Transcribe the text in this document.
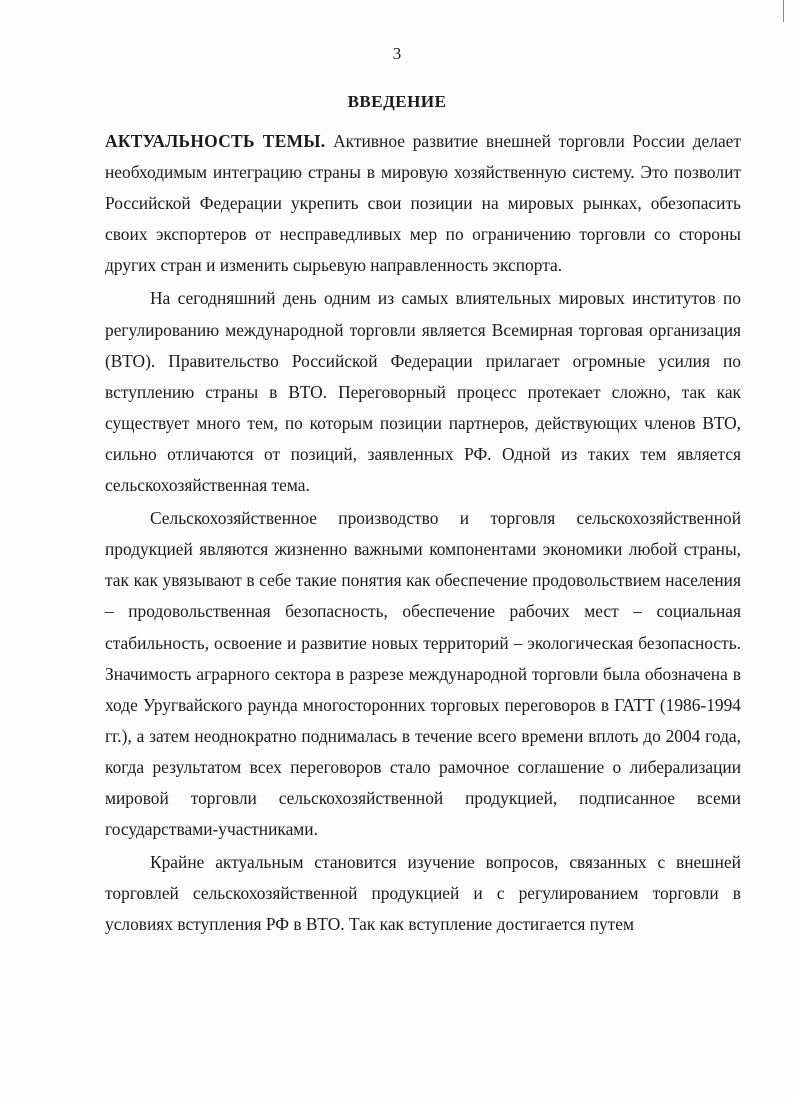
3
ВВЕДЕНИЕ

АКТУАЛЬНОСТЬ ТЕМЫ. Активное развитие внешней торговли России делает необходимым интеграцию страны в мировую хозяйственную систему. Это позволит Российской Федерации укрепить свои позиции на мировых рынках, обезопасить своих экспортеров от несправедливых мер по ограничению торговли со стороны других стран и изменить сырьевую направленность экспорта.

На сегодняшний день одним из самых влиятельных мировых институтов по регулированию международной торговли является Всемирная торговая организация (ВТО). Правительство Российской Федерации прилагает огромные усилия по вступлению страны в ВТО. Переговорный процесс протекает сложно, так как существует много тем, по которым позиции партнеров, действующих членов ВТО, сильно отличаются от позиций, заявленных РФ. Одной из таких тем является сельскохозяйственная тема.

Сельскохозяйственное производство и торговля сельскохозяйственной продукцией являются жизненно важными компонентами экономики любой страны, так как увязывают в себе такие понятия как обеспечение продовольствием населения – продовольственная безопасность, обеспечение рабочих мест – социальная стабильность, освоение и развитие новых территорий – экологическая безопасность. Значимость аграрного сектора в разрезе международной торговли была обозначена в ходе Уругвайского раунда многосторонних торговых переговоров в ГАТТ (1986-1994 гг.), а затем неоднократно поднималась в течение всего времени вплоть до 2004 года, когда результатом всех переговоров стало рамочное соглашение о либерализации мировой торговли сельскохозяйственной продукцией, подписанное всеми государствами-участниками.

Крайне актуальным становится изучение вопросов, связанных с внешней торговлей сельскохозяйственной продукцией и с регулированием торговли в условиях вступления РФ в ВТО. Так как вступление достигается путем
